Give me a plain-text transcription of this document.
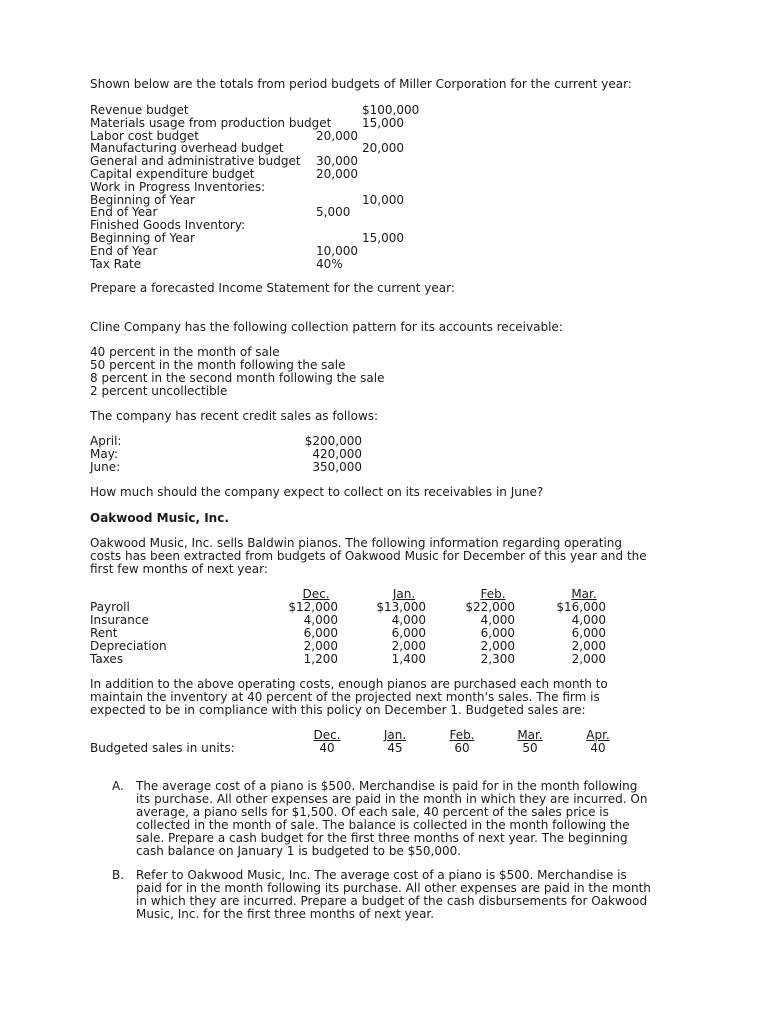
Shown below are the totals from period budgets of Miller Corporation for the current year:
Revenue budget	$100,000
Materials usage from production budget	15,000
Labor cost budget	20,000
Manufacturing overhead budget	20,000
General and administrative budget 30,000
Capital expenditure budget	20,000
Work in Progress Inventories:
Beginning of Year	10,000
End of Year	5,000
Finished Goods Inventory:
Beginning of Year	15,000
End of Year	10,000
Tax Rate	40%
Prepare a forecasted Income Statement for the current year:
Cline Company has the following collection pattern for its accounts receivable:
40 percent in the month of sale
50 percent in the month following the sale
8 percent in the second month following the sale
2 percent uncollectible
The company has recent credit sales as follows:
April:	$200,000
May:	420,000
June:	350,000
How much should the company expect to collect on its receivables in June?
Oakwood Music, Inc.
Oakwood Music, Inc. sells Baldwin pianos. The following information regarding operating
costs has been extracted from budgets of Oakwood Music for December of this year and the
first few months of next year:
Dec.	Jan.	Feb.	Mar.
Payroll	$12,000	$13,000	$22,000	$16,000
Insurance	4,000	4,000	4,000	4,000
Rent	6,000	6,000	6,000	6,000
Depreciation	2,000	2,000	2,000	2,000
Taxes	1,200	1,400	2,300	2,000
In addition to the above operating costs, enough pianos are purchased each month to
maintain the inventory at 40 percent of the projected next month's sales. The firm is
expected to be in compliance with this policy on December 1. Budgeted sales are:
Dec.	Jan.	Feb.	Mar.	Apr.
Budgeted sales in units:	40	45	60	50	40
A. The average cost of a piano is $500. Merchandise is paid for in the month following
its purchase. All other expenses are paid in the month in which they are incurred. On
average, a piano sells for $1,500. Of each sale, 40 percent of the sales price is
collected in the month of sale. The balance is collected in the month following the
sale. Prepare a cash budget for the first three months of next year. The beginning
cash balance on January 1 is budgeted to be $50,000.
B. Refer to Oakwood Music, Inc. The average cost of a piano is $500. Merchandise is
paid for in the month following its purchase. All other expenses are paid in the month
in which they are incurred. Prepare a budget of the cash disbursements for Oakwood
Music, Inc. for the first three months of next year.
